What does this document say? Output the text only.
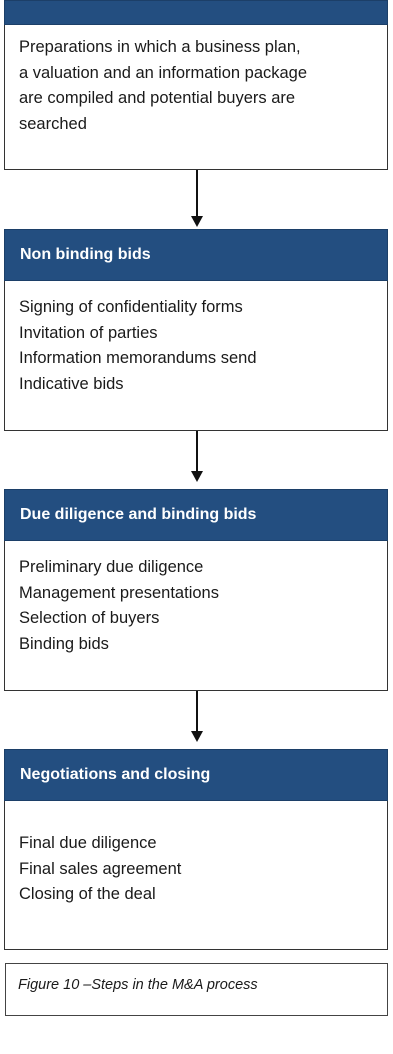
Preparations in which a business plan,
a valuation and an information package
are compiled and potential buyers are
searched
Non binding bids
Signing of confidentiality forms
Invitation of parties
Information memorandums send
Indicative bids
Due diligence and binding bids
Preliminary due diligence
Management presentations
Selection of buyers
Binding bids
Negotiations and closing
Final due diligence
Final sales agreement
Closing of the deal
Figure 10 –Steps in the M&A process
